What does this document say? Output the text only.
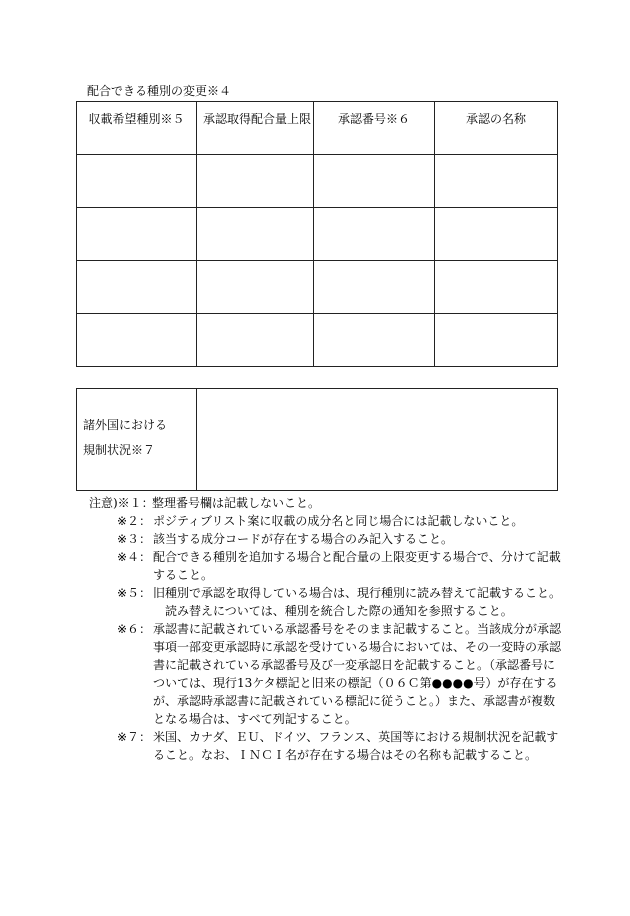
配合できる種別の変更※４
収載希望種別※５	承認取得配合量上限	承認番号※６	承認の名称

諸外国における
規制状況※７

注意)※１：
整理番号欄は記載しないこと。
※２： ポジティブリスト案に収載の成分名と同じ場合には記載しないこと。
※３： 該当する成分コードが存在する場合のみ記入すること。
※４： 配合できる種別を追加する場合と配合量の上限変更する場合で、分けて記載すること。
※５： 旧種別で承認を取得している場合は、現行種別に読み替えて記載すること。
読み替えについては、種別を統合した際の通知を参照すること。
※６： 承認書に記載されている承認番号をそのまま記載すること。当該成分が承認事項一部変更承認時に承認を受けている場合においては、その一変時の承認書に記載されている承認番号及び一変承認日を記載すること。（承認番号については、現行13ケタ標記と旧来の標記（０６Ｃ第●●●●号）が存在するが、承認時承認書に記載されている標記に従うこと。）また、承認書が複数となる場合は、すべて列記すること。
※７： 米国、カナダ、ＥＵ、ドイツ、フランス、英国等における規制状況を記載すること。なお、ＩＮＣＩ名が存在する場合はその名称も記載すること。
